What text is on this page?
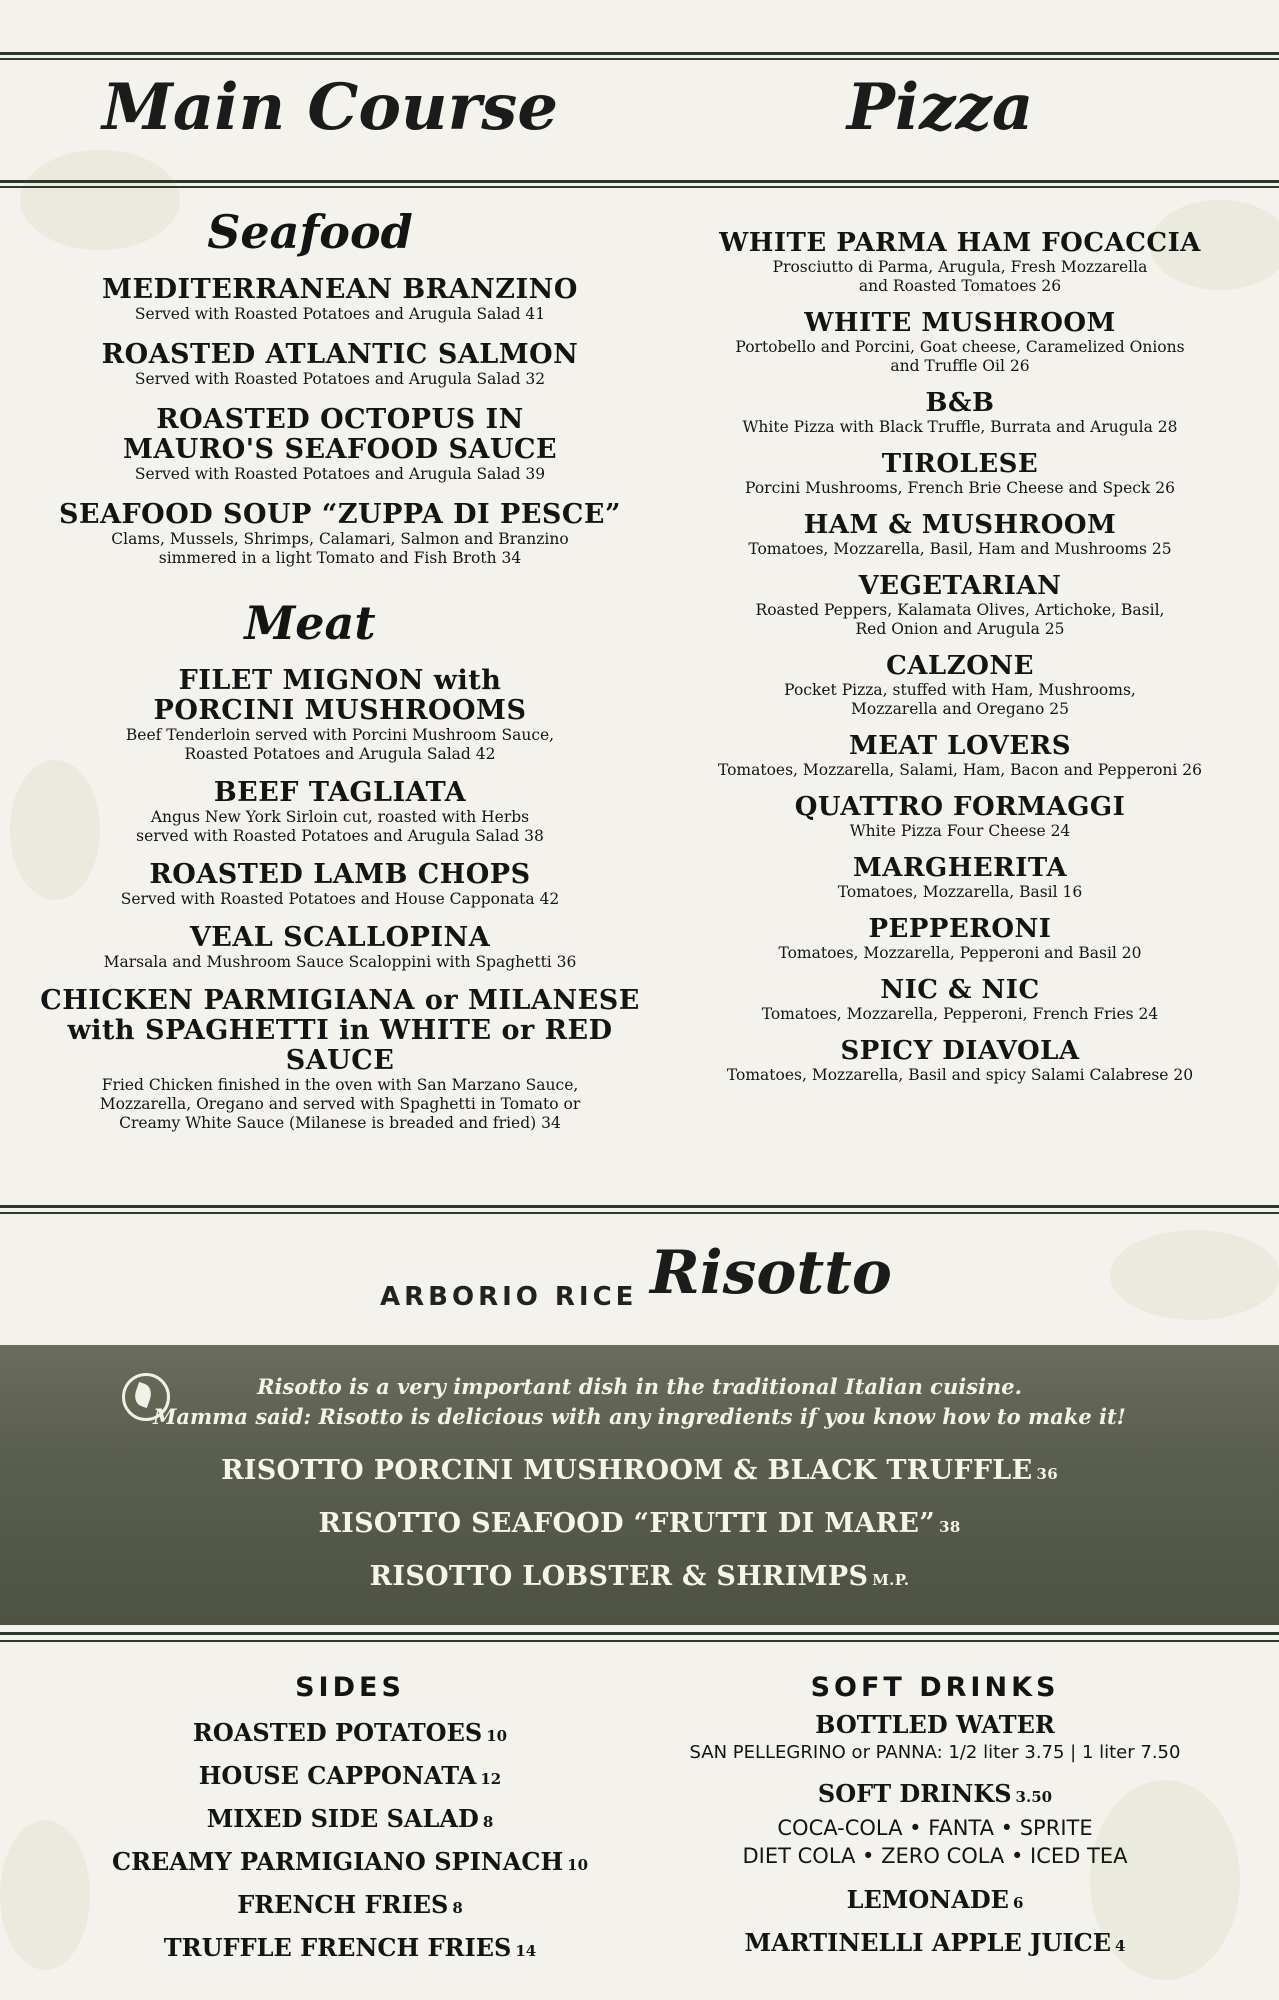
Main Course	Pizza
Seafood
MEDITERRANEAN BRANZINO
Served with Roasted Potatoes and Arugula Salad 41
ROASTED ATLANTIC SALMON
Served with Roasted Potatoes and Arugula Salad 32
ROASTED OCTOPUS IN
MAURO'S SEAFOOD SAUCE
Served with Roasted Potatoes and Arugula Salad 39
SEAFOOD SOUP “ZUPPA DI PESCE”
Clams, Mussels, Shrimps, Calamari, Salmon and Branzino
simmered in a light Tomato and Fish Broth 34
Meat
FILET MIGNON with
PORCINI MUSHROOMS
Beef Tenderloin served with Porcini Mushroom Sauce,
Roasted Potatoes and Arugula Salad 42
BEEF TAGLIATA
Angus New York Sirloin cut, roasted with Herbs
served with Roasted Potatoes and Arugula Salad 38
ROASTED LAMB CHOPS
Served with Roasted Potatoes and House Capponata 42
VEAL SCALLOPINA
Marsala and Mushroom Sauce Scaloppini with Spaghetti 36
CHICKEN PARMIGIANA or MILANESE
with SPAGHETTI in WHITE or RED SAUCE
Fried Chicken finished in the oven with San Marzano Sauce,
Mozzarella, Oregano and served with Spaghetti in Tomato or
Creamy White Sauce (Milanese is breaded and fried) 34
WHITE PARMA HAM FOCACCIA
Prosciutto di Parma, Arugula, Fresh Mozzarella
and Roasted Tomatoes 26
WHITE MUSHROOM
Portobello and Porcini, Goat cheese, Caramelized Onions
and Truffle Oil 26
B&B
White Pizza with Black Truffle, Burrata and Arugula 28
TIROLESE
Porcini Mushrooms, French Brie Cheese and Speck 26
HAM & MUSHROOM
Tomatoes, Mozzarella, Basil, Ham and Mushrooms 25
VEGETARIAN
Roasted Peppers, Kalamata Olives, Artichoke, Basil,
Red Onion and Arugula 25
CALZONE
Pocket Pizza, stuffed with Ham, Mushrooms,
Mozzarella and Oregano 25
MEAT LOVERS
Tomatoes, Mozzarella, Salami, Ham, Bacon and Pepperoni 26
QUATTRO FORMAGGI
White Pizza Four Cheese 24
MARGHERITA
Tomatoes, Mozzarella, Basil 16
PEPPERONI
Tomatoes, Mozzarella, Pepperoni and Basil 20
NIC & NIC
Tomatoes, Mozzarella, Pepperoni, French Fries 24
SPICY DIAVOLA
Tomatoes, Mozzarella, Basil and spicy Salami Calabrese 20
ARBORIO RICE Risotto
Risotto is a very important dish in the traditional Italian cuisine.
Mamma said: Risotto is delicious with any ingredients if you know how to make it!
RISOTTO PORCINI MUSHROOM & BLACK TRUFFLE 36
RISOTTO SEAFOOD “FRUTTI DI MARE” 38
RISOTTO LOBSTER & SHRIMPS M.P.
SIDES
ROASTED POTATOES 10
HOUSE CAPPONATA 12
MIXED SIDE SALAD 8
CREAMY PARMIGIANO SPINACH 10
FRENCH FRIES 8
TRUFFLE FRENCH FRIES 14
SOFT DRINKS
BOTTLED WATER
SAN PELLEGRINO or PANNA: 1/2 liter 3.75 | 1 liter 7.50
SOFT DRINKS 3.50
COCA-COLA • FANTA • SPRITE
DIET COLA • ZERO COLA • ICED TEA
LEMONADE 6
MARTINELLI APPLE JUICE 4
